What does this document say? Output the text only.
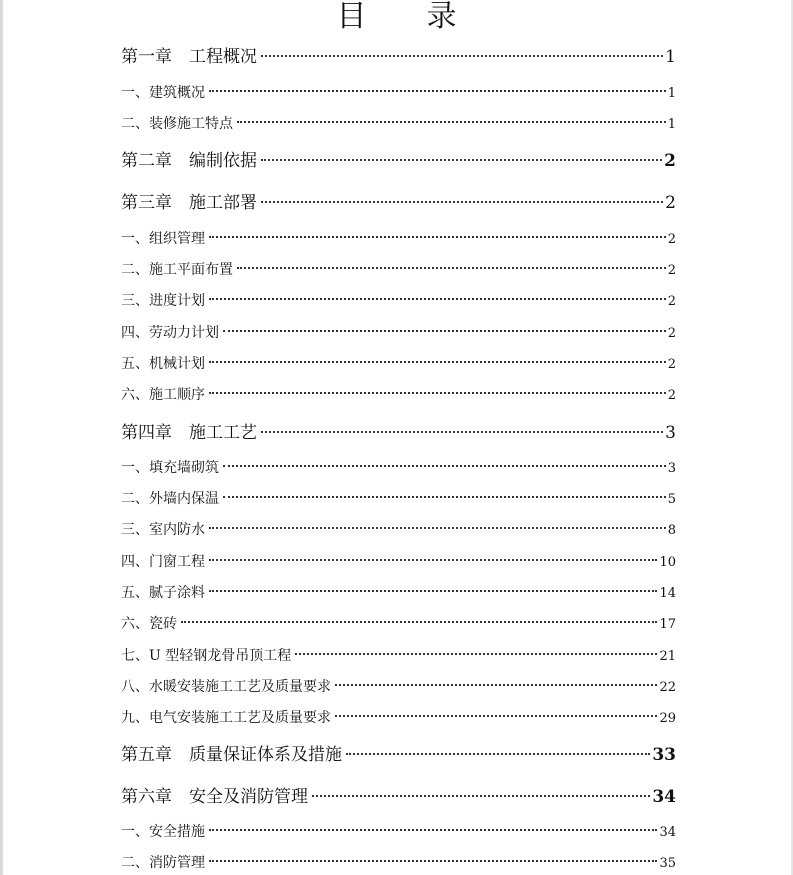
目　　录
第一章　工程概况	1
一、建筑概况	1
二、装修施工特点	1
第二章　编制依据	2
第三章　施工部署	2
一、组织管理	2
二、施工平面布置	2
三、进度计划	2
四、劳动力计划	2
五、机械计划	2
六、施工顺序	2
第四章　施工工艺	3
一、填充墙砌筑	3
二、外墙内保温	5
三、室内防水	8
四、门窗工程	10
五、腻子涂料	14
六、瓷砖	17
七、U 型轻钢龙骨吊顶工程	21
八、水暖安装施工工艺及质量要求	22
九、电气安装施工工艺及质量要求	29
第五章　质量保证体系及措施	33
第六章　安全及消防管理	34
一、安全措施	34
二、消防管理	35
